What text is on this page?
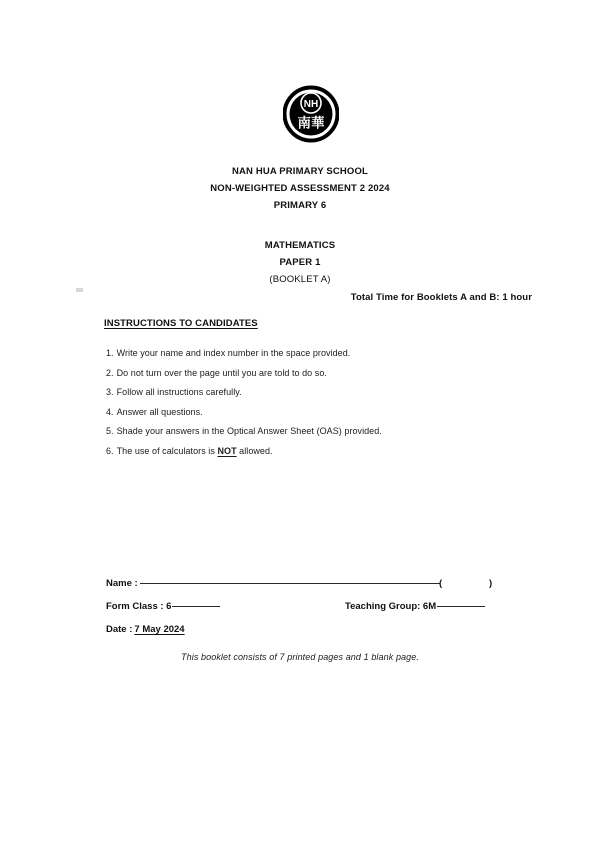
NH
南華
NAN HUA PRIMARY SCHOOL
NON-WEIGHTED ASSESSMENT 2 2024
PRIMARY 6
MATHEMATICS
PAPER 1
(BOOKLET A)
Total Time for Booklets A and B: 1 hour
INSTRUCTIONS TO CANDIDATES
1. Write your name and index number in the space provided.
2. Do not turn over the page until you are told to do so.
3. Follow all instructions carefully.
4. Answer all questions.
5. Shade your answers in the Optical Answer Sheet (OAS) provided.
6. The use of calculators is NOT allowed.
Name :	(	)
Form Class : 6	Teaching Group: 6M
Date : 7 May 2024
This booklet consists of 7 printed pages and 1 blank page.
